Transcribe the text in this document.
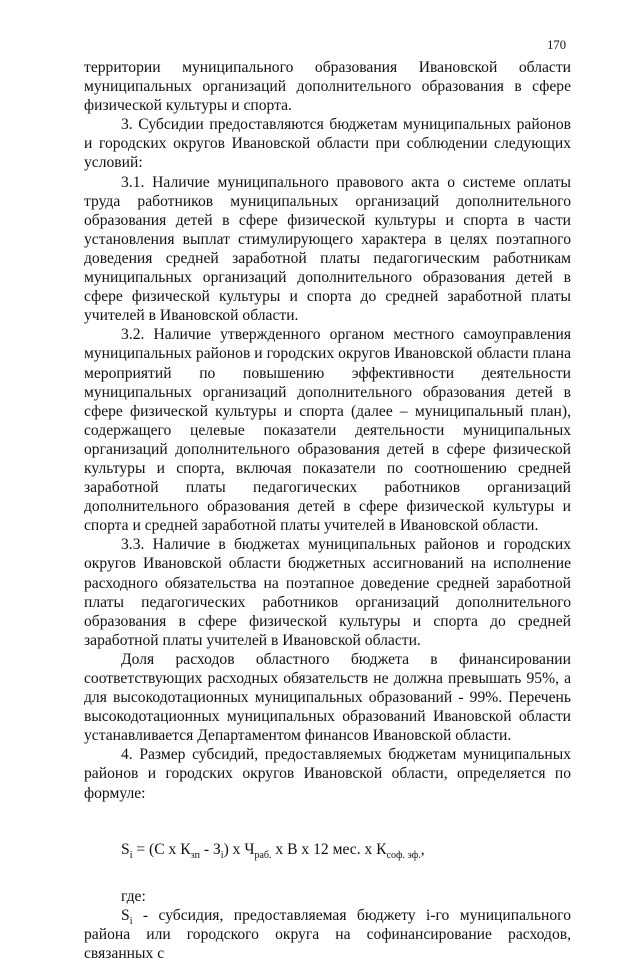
170

территории муниципального образования Ивановской области муниципальных организаций дополнительного образования в сфере физической культуры и спорта.

3. Субсидии предоставляются бюджетам муниципальных районов и городских округов Ивановской области при соблюдении следующих условий:

3.1. Наличие муниципального правового акта о системе оплаты труда работников муниципальных организаций дополнительного образования детей в сфере физической культуры и спорта в части установления выплат стимулирующего характера в целях поэтапного доведения средней заработной платы педагогическим работникам муниципальных организаций дополнительного образования детей в сфере физической культуры и спорта до средней заработной платы учителей в Ивановской области.

3.2. Наличие утвержденного органом местного самоуправления муниципальных районов и городских округов Ивановской области плана мероприятий по повышению эффективности деятельности муниципальных организаций дополнительного образования детей в сфере физической культуры и спорта (далее – муниципальный план), содержащего целевые показатели деятельности муниципальных организаций дополнительного образования детей в сфере физической культуры и спорта, включая показатели по соотношению средней заработной платы педагогических работников организаций дополнительного образования детей в сфере физической культуры и спорта и средней заработной платы учителей в Ивановской области.

3.3. Наличие в бюджетах муниципальных районов и городских округов Ивановской области бюджетных ассигнований на исполнение расходного обязательства на поэтапное доведение средней заработной платы педагогических работников организаций дополнительного образования в сфере физической культуры и спорта до средней заработной платы учителей в Ивановской области.

Доля расходов областного бюджета в финансировании соответствующих расходных обязательств не должна превышать 95%, а для высокодотационных муниципальных образований - 99%. Перечень высокодотационных муниципальных образований Ивановской области устанавливается Департаментом финансов Ивановской области.

4. Размер субсидий, предоставляемых бюджетам муниципальных районов и городских округов Ивановской области, определяется по формуле:

$S_i = (С$ х $К_{зп} - З_i$) х $Ч_{раб.}$ х В х 12 мес. х $К_{соф. эф.}$,

где:

$S_i$ - субсидия, предоставляемая бюджету i-го муниципального района или городского округа на софинансирование расходов, связанных с
